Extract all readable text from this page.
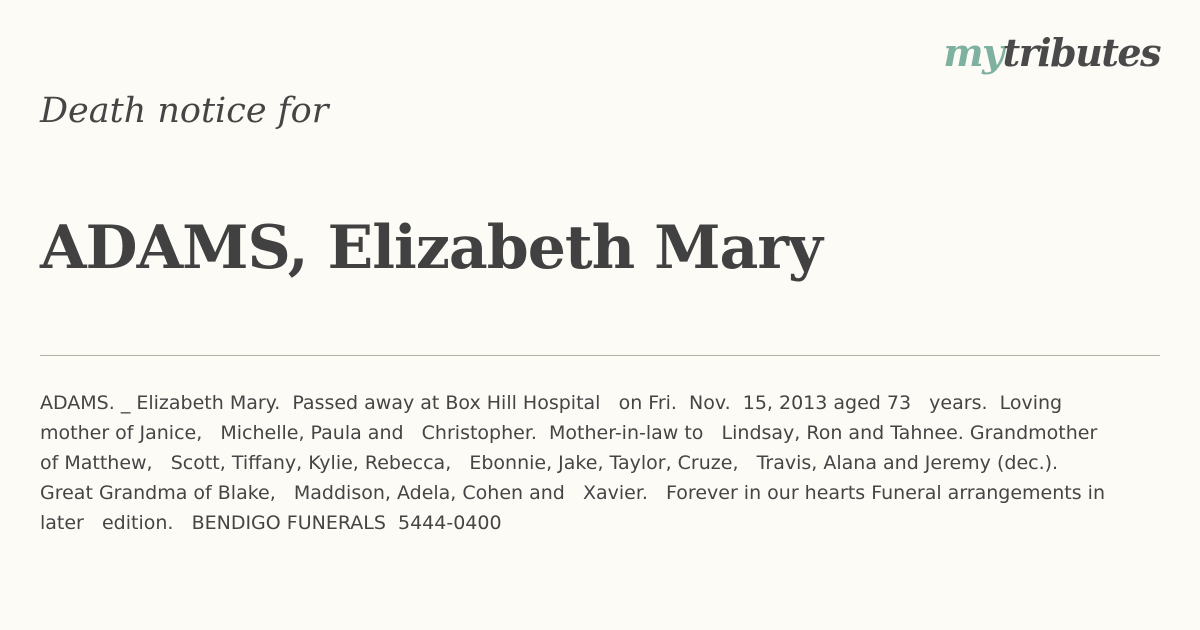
mytributes
Death notice for
ADAMS, Elizabeth Mary

ADAMS. _ Elizabeth Mary.  Passed away at Box Hill Hospital   on Fri.  Nov.  15, 2013 aged 73   years.  Loving mother of Janice,   Michelle, Paula and   Christopher.  Mother-in-law to   Lindsay, Ron and Tahnee. Grandmother of Matthew,   Scott, Tiffany, Kylie, Rebecca,   Ebonnie, Jake, Taylor, Cruze,   Travis, Alana and Jeremy (dec.).   Great Grandma of Blake,   Maddison, Adela, Cohen and   Xavier.   Forever in our hearts Funeral arrangements in later   edition.   BENDIGO FUNERALS  5444-0400
